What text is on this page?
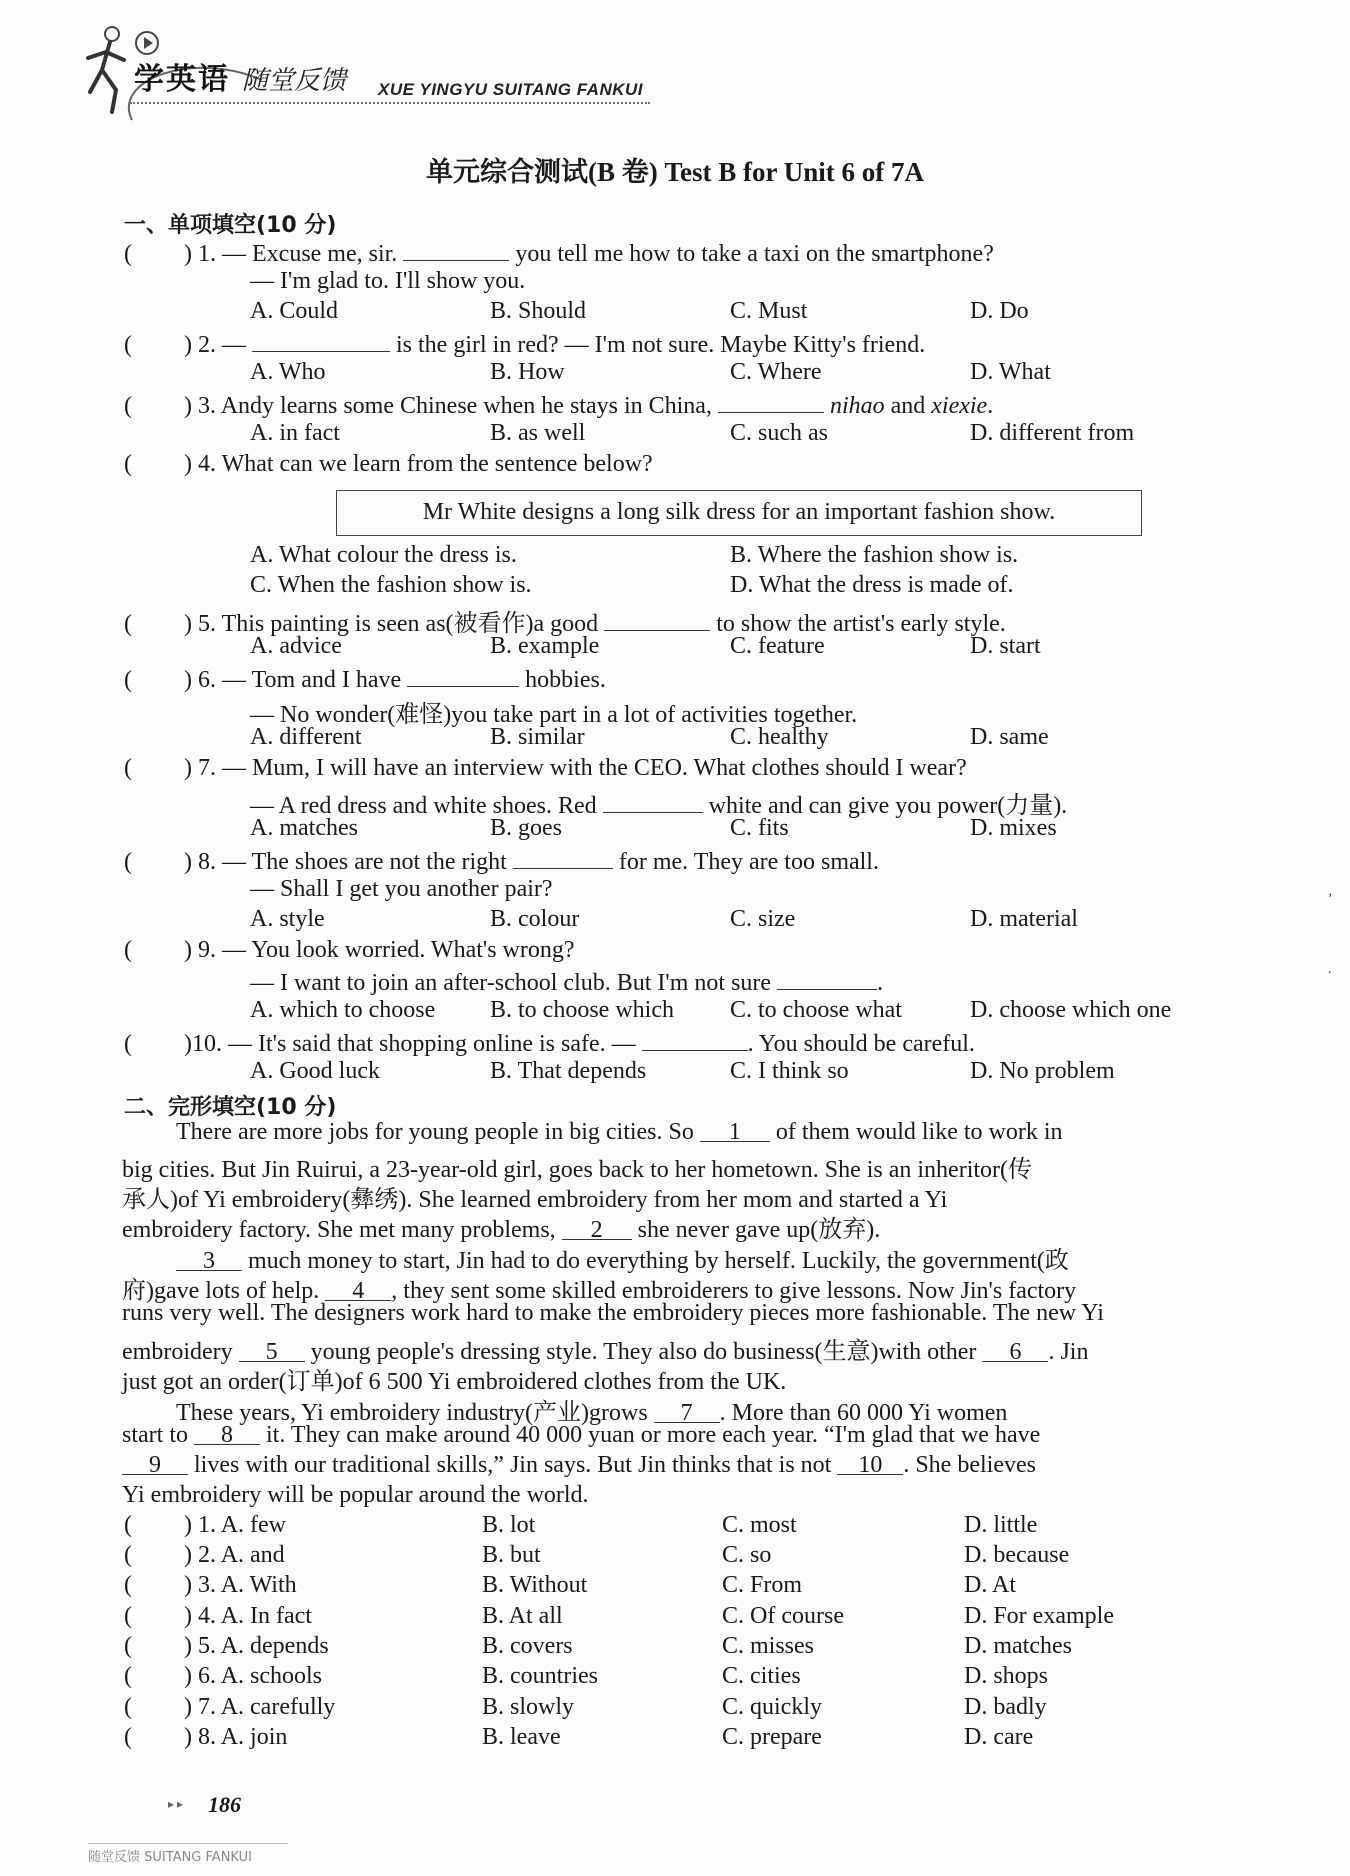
学英语 随堂反馈 XUE YINGYU SUITANG FANKUI
单元综合测试(B 卷) Test B for Unit 6 of 7A
一、单项填空(10 分)
( ) 1. — Excuse me, sir.	you tell me how to take a taxi on the smartphone?
— I'm glad to. I'll show you.
A. Could	B. Should	C. Must	D. Do
( ) 2. —	is the girl in red? — I'm not sure. Maybe Kitty's friend.
A. Who	B. How	C. Where	D. What
( ) 3. Andy learns some Chinese when he stays in China,	nihao and xiexie.
A. in fact	B. as well	C. such as	D. different from
( ) 4. What can we learn from the sentence below?
Mr White designs a long silk dress for an important fashion show.
A. What colour the dress is.	B. Where the fashion show is.
C. When the fashion show is.	D. What the dress is made of.
( ) 5. This painting is seen as(被看作)a good	to show the artist's early style.
A. advice	B. example	C. feature	D. start
( ) 6. — Tom and I have	hobbies.
— No wonder(难怪)you take part in a lot of activities together.
A. different	B. similar	C. healthy	D. same
( ) 7. — Mum, I will have an interview with the CEO. What clothes should I wear?
— A red dress and white shoes. Red	white and can give you power(力量).
A. matches	B. goes	C. fits	D. mixes
( ) 8. — The shoes are not the right	for me. They are too small.
— Shall I get you another pair?
A. style	B. colour	C. size	D. material
( ) 9. — You look worried. What's wrong?
— I want to join an after-school club. But I'm not sure	.
A. which to choose B. to choose which C. to choose what	D. choose which one
( )10. — It's said that shopping online is safe. —	. You should be careful.
A. Good luck	B. That depends	C. I think so	D. No problem
二、完形填空(10 分)
There are more jobs for young people in big cities. So 1 of them would like to work in
big cities. But Jin Ruirui, a 23-year-old girl, goes back to her hometown. She is an inheritor(传
承人)of Yi embroidery(彝绣). She learned embroidery from her mom and started a Yi
embroidery factory. She met many problems, 2 she never gave up(放弃).
3 much money to start, Jin had to do everything by herself. Luckily, the government(政
府)gave lots of help. 4 , they sent some skilled embroiderers to give lessons. Now Jin's factory
runs very well. The designers work hard to make the embroidery pieces more fashionable. The new Yi
embroidery 5 young people's dressing style. They also do business(生意)with other 6 . Jin
just got an order(订单)of 6 500 Yi embroidered clothes from the UK.
These years, Yi embroidery industry(产业)grows 7 . More than 60 000 Yi women
start to 8 it. They can make around 40 000 yuan or more each year. “I'm glad that we have
9 lives with our traditional skills,” Jin says. But Jin thinks that is not 10 . She believes
Yi embroidery will be popular around the world.
( ) 1. A. few	B. lot	C. most	D. little
( ) 2. A. and	B. but	C. so	D. because
( ) 3. A. With	B. Without	C. From	D. At
( ) 4. A. In fact	B. At all	C. Of course	D. For example
( ) 5. A. depends	B. covers	C. misses	D. matches
( ) 6. A. schools	B. countries	C. cities	D. shops
( ) 7. A. carefully	B. slowly	C. quickly	D. badly
( ) 8. A. join	B. leave	C. prepare	D. care
,
·
▸ ▸ 186
随堂反馈 SUITANG FANKUI
